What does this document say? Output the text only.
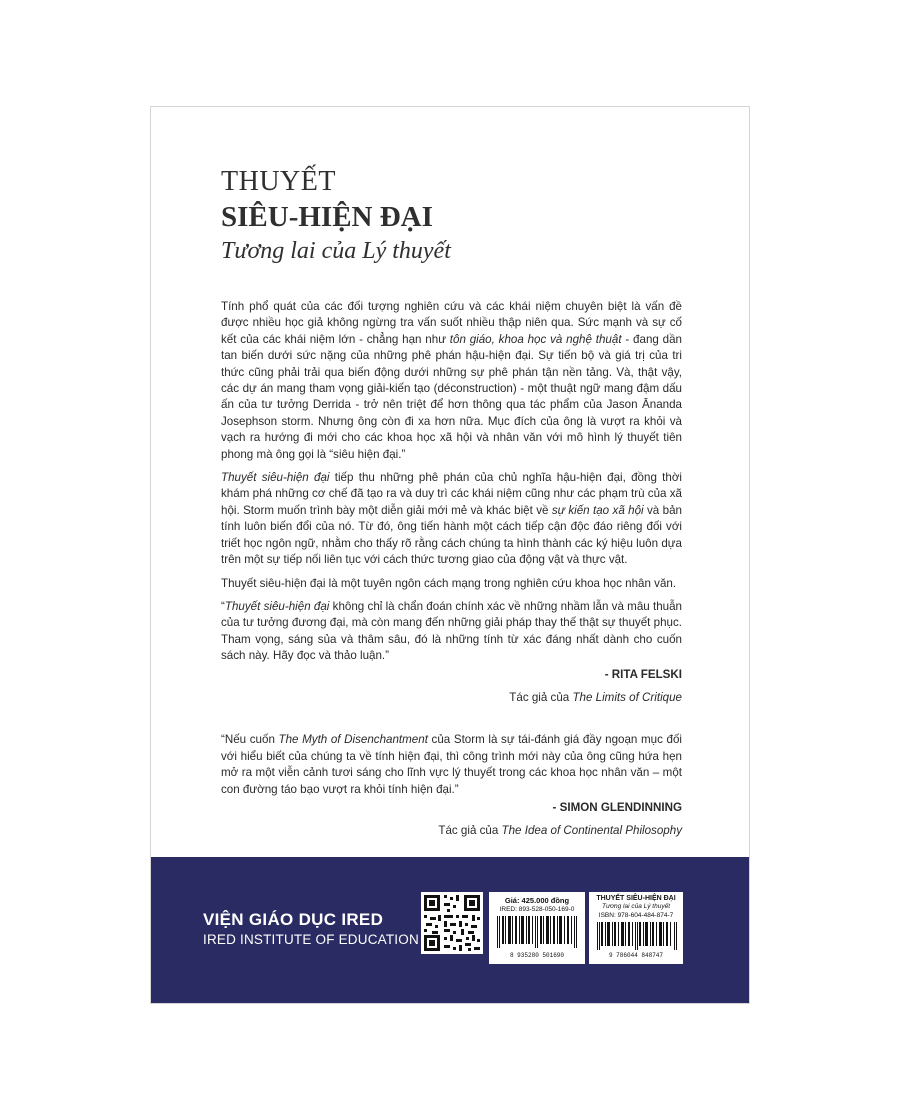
THUYẾT
SIÊU-HIỆN ĐẠI
Tương lai của Lý thuyết

Tính phổ quát của các đối tượng nghiên cứu và các khái niệm chuyên biệt là vấn đề được nhiều học giả không ngừng tra vấn suốt nhiều thập niên qua. Sức mạnh và sự cố kết của các khái niệm lớn - chẳng hạn như tôn giáo, khoa học và nghệ thuật - đang dần tan biến dưới sức nặng của những phê phán hậu-hiện đại. Sự tiến bộ và giá trị của tri thức cũng phải trải qua biến động dưới những sự phê phán tận nền tảng. Và, thật vậy, các dự án mang tham vọng giải-kiến tạo (déconstruction) - một thuật ngữ mang đậm dấu ấn của tư tưởng Derrida - trở nên triệt để hơn thông qua tác phẩm của Jason Ānanda Josephson storm. Nhưng ông còn đi xa hơn nữa. Mục đích của ông là vượt ra khỏi và vạch ra hướng đi mới cho các khoa học xã hội và nhân văn với mô hình lý thuyết tiên phong mà ông gọi là “siêu hiện đại.”

Thuyết siêu-hiện đại tiếp thu những phê phán của chủ nghĩa hậu-hiện đại, đồng thời khám phá những cơ chế đã tạo ra và duy trì các khái niệm cũng như các phạm trù của xã hội. Storm muốn trình bày một diễn giải mới mẻ và khác biệt về sự kiến tạo xã hội và bản tính luôn biến đổi của nó. Từ đó, ông tiến hành một cách tiếp cận độc đáo riêng đối với triết học ngôn ngữ, nhằm cho thấy rõ rằng cách chúng ta hình thành các ký hiệu luôn dựa trên một sự tiếp nối liên tục với cách thức tương giao của động vật và thực vật.

Thuyết siêu-hiện đại là một tuyên ngôn cách mạng trong nghiên cứu khoa học nhân văn.

“Thuyết siêu-hiện đại không chỉ là chẩn đoán chính xác về những nhầm lẫn và mâu thuẫn của tư tưởng đương đại, mà còn mang đến những giải pháp thay thế thật sự thuyết phục. Tham vọng, sáng sủa và thâm sâu, đó là những tính từ xác đáng nhất dành cho cuốn sách này. Hãy đọc và thảo luận.”

- RITA FELSKI

Tác giả của The Limits of Critique

“Nếu cuốn The Myth of Disenchantment của Storm là sự tái-đánh giá đầy ngoạn mục đối với hiểu biết của chúng ta về tính hiện đại, thì công trình mới này của ông cũng hứa hẹn mở ra một viễn cảnh tươi sáng cho lĩnh vực lý thuyết trong các khoa học nhân văn – một con đường táo bạo vượt ra khỏi tính hiện đại.”

- SIMON GLENDINNING

Tác giả của The Idea of Continental Philosophy

VIỆN GIÁO DỤC IRED
IRED INSTITUTE OF EDUCATION
Giá: 425.000 đồng
IRED: 893-528-050-169-0
8 935280 501690
THUYẾT SIÊU-HIỆN ĐẠI
Tương lai của Lý thuyết
ISBN: 978-604-484-874-7
9 786044 848747
